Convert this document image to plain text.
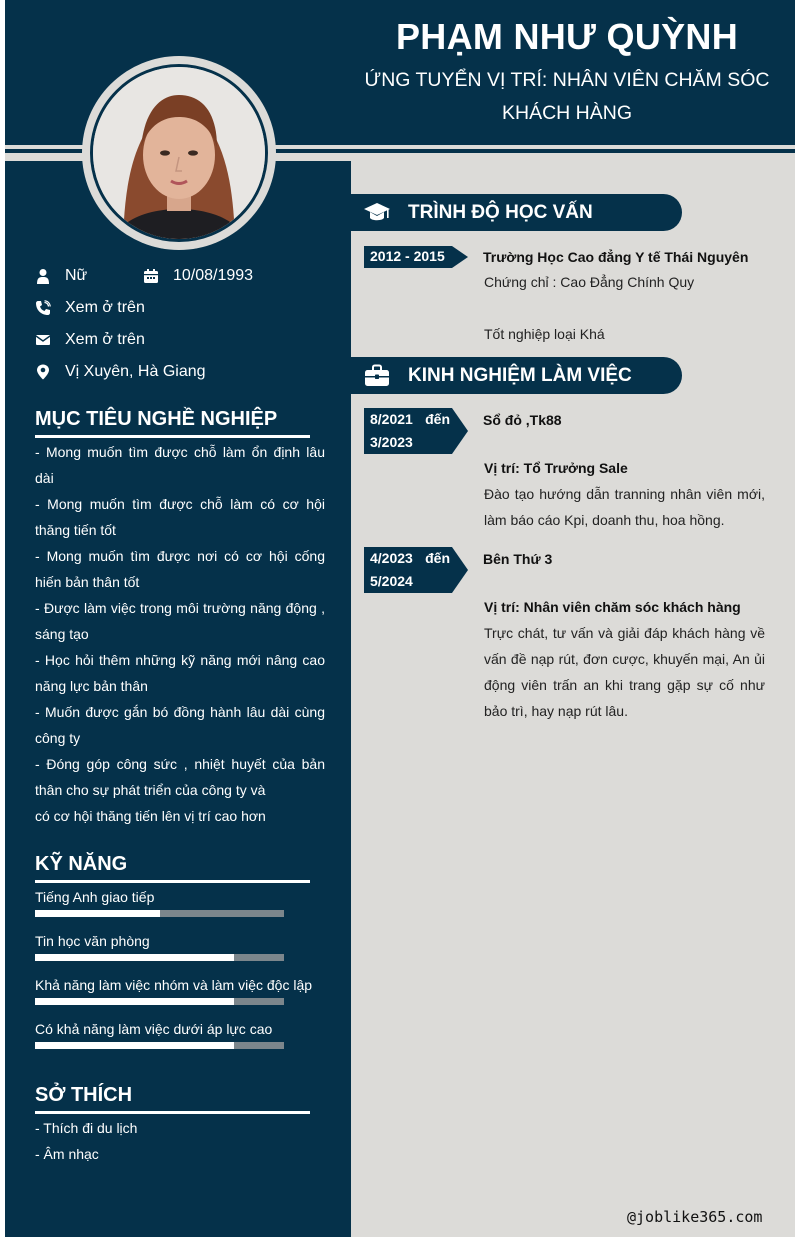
PHẠM NHƯ QUỲNH
ỨNG TUYỂN VỊ TRÍ: NHÂN VIÊN CHĂM SÓC
KHÁCH HÀNG
Nữ	10/08/1993
Xem ở trên
Xem ở trên
Vị Xuyên, Hà Giang
MỤC TIÊU NGHỀ NGHIỆP

- Mong muốn tìm được chỗ làm ổn định lâu dài

- Mong muốn tìm được chỗ làm có cơ hội thăng tiến tốt

- Mong muốn tìm được nơi có cơ hội cống hiến bản thân tốt

- Được làm việc trong môi trường năng động , sáng tạo

- Học hỏi thêm những kỹ năng mới nâng cao năng lực bản thân

- Muốn được gắn bó đồng hành lâu dài cùng công ty

- Đóng góp công sức , nhiệt huyết của bản thân cho sự phát triển của công ty và

có cơ hội thăng tiến lên vị trí cao hơn

KỸ NĂNG
Tiếng Anh giao tiếp
Tin học văn phòng
Khả năng làm việc nhóm và làm việc độc lập
Có khả năng làm việc dưới áp lực cao
SỞ THÍCH
- Thích đi du lịch
- Âm nhạc
TRÌNH ĐỘ HỌC VẤN
2012 - 2015	Trường Học Cao đẳng Y tế Thái Nguyên
Chứng chỉ : Cao Đẳng Chính Quy
Tốt nghiệp loại Khá
KINH NGHIỆM LÀM VIỆC
8/2021 đến
3/2023
Sổ đỏ ,Tk88
Vị trí: Tổ Trưởng Sale
Đào tạo hướng dẫn tranning nhân viên mới, làm báo cáo Kpi, doanh thu, hoa hồng.
4/2023 đến
5/2024
Bên Thứ 3
Vị trí: Nhân viên chăm sóc khách hàng
Trực chát, tư vấn và giải đáp khách hàng về vấn đề nạp rút, đơn cược, khuyến mại, An ủi động viên trấn an khi trang gặp sự cố như bảo trì, hay nạp rút lâu.
@joblike365.com
